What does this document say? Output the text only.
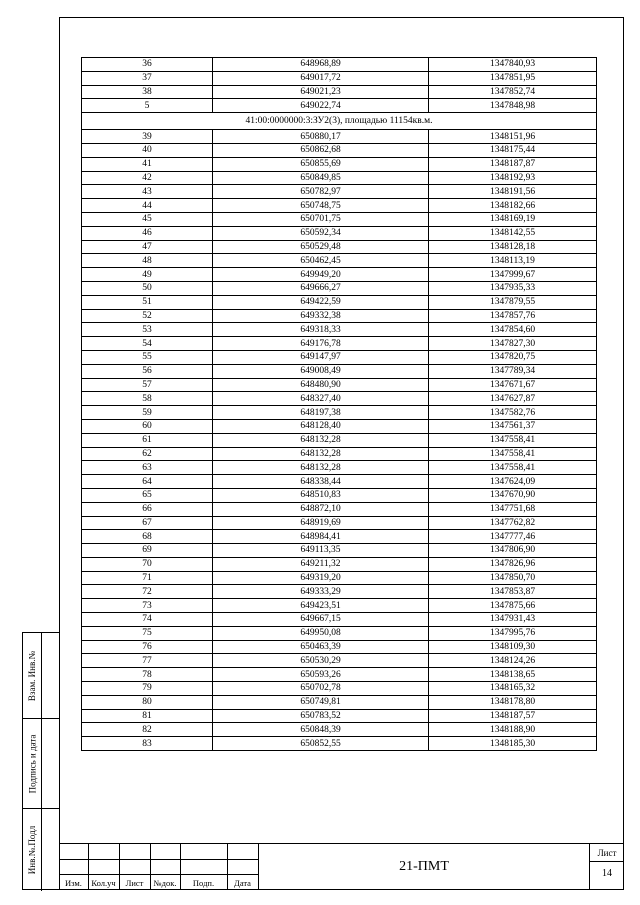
36	648968,89	1347840,93
37	649017,72	1347851,95
38	649021,23	1347852,74
5	649022,74	1347848,98
41:00:0000000:3:ЗУ2(3), площадью 11154кв.м.		
39	650880,17	1348151,96
40	650862,68	1348175,44
41	650855,69	1348187,87
42	650849,85	1348192,93
43	650782,97	1348191,56
44	650748,75	1348182,66
45	650701,75	1348169,19
46	650592,34	1348142,55
47	650529,48	1348128,18
48	650462,45	1348113,19
49	649949,20	1347999,67
50	649666,27	1347935,33
51	649422,59	1347879,55
52	649332,38	1347857,76
53	649318,33	1347854,60
54	649176,78	1347827,30
55	649147,97	1347820,75
56	649008,49	1347789,34
57	648480,90	1347671,67
58	648327,40	1347627,87
59	648197,38	1347582,76
60	648128,40	1347561,37
61	648132,28	1347558,41
62	648132,28	1347558,41
63	648132,28	1347558,41
64	648338,44	1347624,09
65	648510,83	1347670,90
66	648872,10	1347751,68
67	648919,69	1347762,82
68	648984,41	1347777,46
69	649113,35	1347806,90
70	649211,32	1347826,96
71	649319,20	1347850,70
72	649333,29	1347853,87
73	649423,51	1347875,66
74	649667,15	1347931,43
75	649950,08	1347995,76
76	650463,39	1348109,30
77	650530,29	1348124,26
78	650593,26	1348138,65
79	650702,78	1348165,32
80	650749,81	1348178,80
81	650783,52	1348187,57
82	650848,39	1348188,90
83	650852,55	1348185,30
Взам. Инв.№
Подпись и дата
Инв.№.Подл
Изм.	Кол.уч	Лист	№док.	Подп.	Дата
21-ПМТ
Лист
14
